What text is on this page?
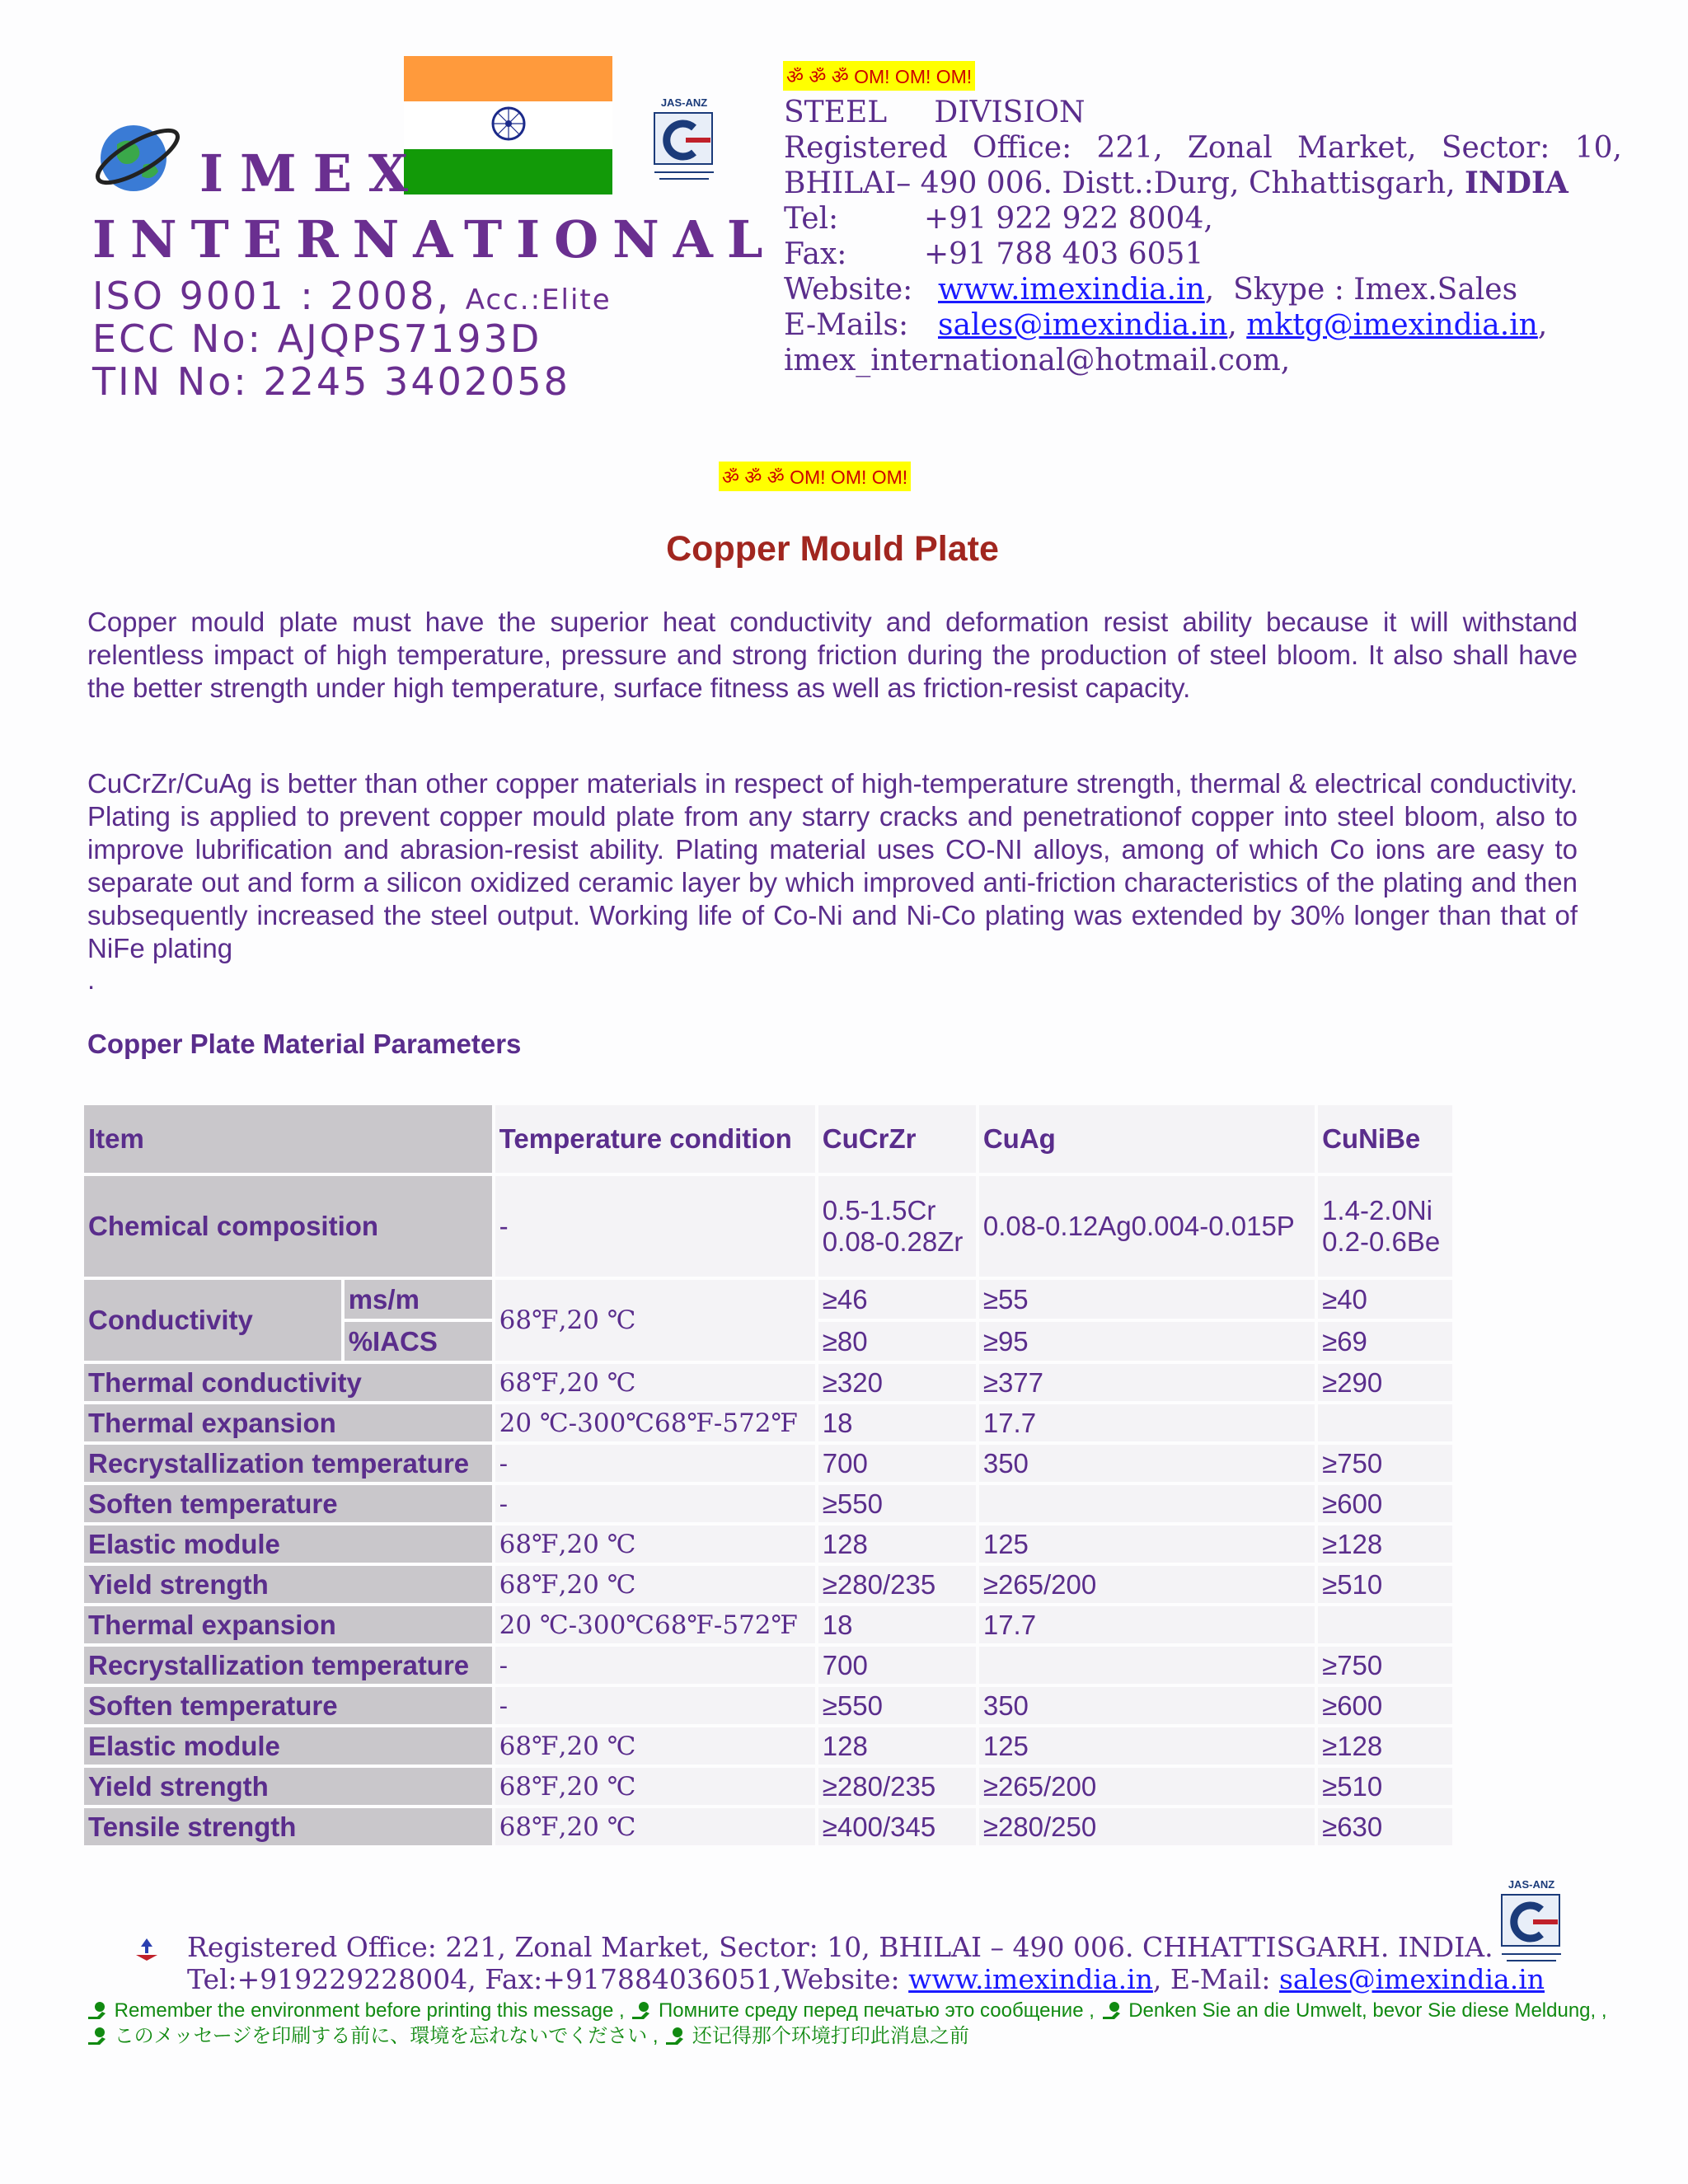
IMEX
INTERNATIONAL
ISO 9001 : 2008, Acc.:Elite
ECC No: AJQPS7193D
TIN No: 2245 3402058
JAS-ANZ
ॐ ॐ ॐ OM! OM! OM!
STEEL     DIVISION
Registered Office: 221, Zonal Market, Sector: 10,
BHILAI– 490 006. Distt.:Durg, Chhattisgarh, INDIA
Tel:	+91 922 922 8004,
Fax:	+91 788 403 6051
Website: www.imexindia.in ,  Skype : Imex.Sales
E-Mails: sales@imexindia.in , mktg@imexindia.in ,
imex_international@hotmail.com,
ॐ ॐ ॐ OM! OM! OM!
Copper Mould Plate
Copper mould plate must have the superior heat conductivity and deformation resist ability because it will withstand relentless impact of high temperature, pressure and strong friction during the production of steel bloom. It also shall have the better strength under high temperature, surface fitness as well as friction-resist capacity.
CuCrZr/CuAg is better than other copper materials in respect of high-temperature strength, thermal & electrical conductivity. Plating is applied to prevent copper mould plate from any starry cracks and penetrationof copper into steel bloom, also to improve lubrification and abrasion-resist ability. Plating material uses CO-NI alloys, among of which Co ions are easy to separate out and form a silicon oxidized ceramic layer by which improved anti-friction characteristics of the plating and then subsequently increased the steel output. Working life of Co-Ni and Ni-Co plating was extended by 30% longer than that of NiFe plating
.
Copper Plate Material Parameters
Item		Temperature condition	CuCrZr	CuAg	CuNiBe
Chemical composition		-	0.5-1.5Cr 0.08-0.28Zr	0.08-0.12Ag0.004-0.015P	1.4-2.0Ni 0.2-0.6Be
Conductivity	ms/m	68℉,20 ℃	≥46	≥55	≥40
	%IACS		≥80	≥95	≥69
Thermal conductivity		68℉,20 ℃	≥320	≥377	≥290
Thermal expansion		20 ℃-300℃68℉-572℉	18	17.7	
Recrystallization temperature		-	700	350	≥750
Soften temperature		-	≥550		≥600
Elastic module		68℉,20 ℃	128	125	≥128
Yield strength		68℉,20 ℃	≥280/235	≥265/200	≥510
Thermal expansion		20 ℃-300℃68℉-572℉	18	17.7	
Recrystallization temperature		-	700		≥750
Soften temperature		-	≥550	350	≥600
Elastic module		68℉,20 ℃	128	125	≥128
Yield strength		68℉,20 ℃	≥280/235	≥265/200	≥510
Tensile strength		68℉,20 ℃	≥400/345	≥280/250	≥630
JAS-ANZ
Registered Office: 221, Zonal Market, Sector: 10, BHILAI – 490 006. CHHATTISGARH. INDIA.
Tel:+919229228004, Fax:+917884036051,Website: www.imexindia.in, E-Mail: sales@imexindia.in
Remember the environment before printing this message ,  Помните среду перед печатью это сообщение ,  Denken Sie an die Umwelt, bevor Sie diese Meldung, ,  このメッセージを印刷する前に、環境を忘れないでください ,  还记得那个环境打印此消息之前
